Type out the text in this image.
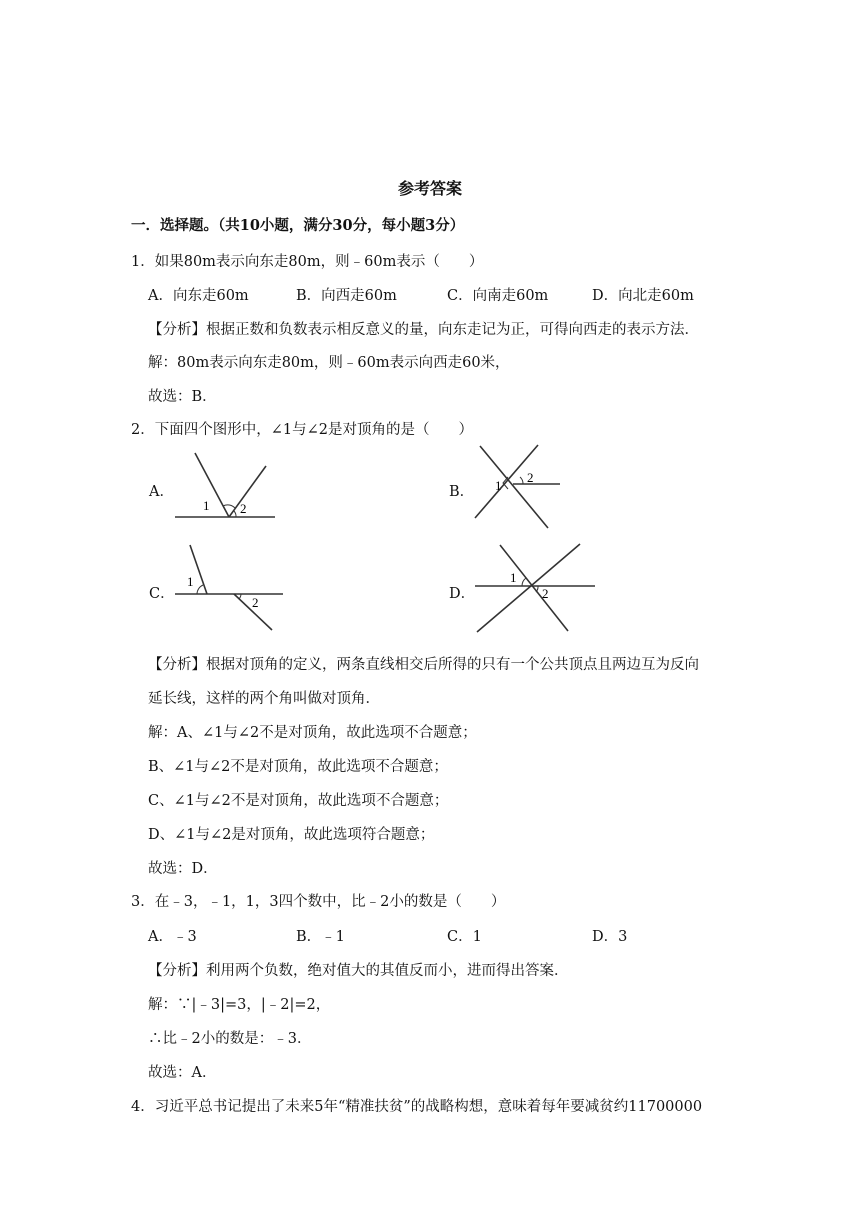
参考答案
一．选择题。（共10小题，满分30分，每小题3分）
1．如果80m表示向东走80m，则﹣60m表示（　　）
A．向东走60m	B．向西走60m	C．向南走60m	D．向北走60m
【分析】根据正数和负数表示相反意义的量，向东走记为正，可得向西走的表示方法．
解：80m表示向东走80m，则﹣60m表示向西走60米，
故选：B．
2．下面四个图形中，∠1与∠2是对顶角的是（　　）
A．
1 2
B． 1
2
C．
1
2
D．
1
2
【分析】根据对顶角的定义，两条直线相交后所得的只有一个公共顶点且两边互为反向
延长线，这样的两个角叫做对顶角．
解：A、∠1与∠2不是对顶角，故此选项不合题意；
B、∠1与∠2不是对顶角，故此选项不合题意；
C、∠1与∠2不是对顶角，故此选项不合题意；
D、∠1与∠2是对顶角，故此选项符合题意；
故选：D．
3．在﹣3，﹣1，1，3四个数中，比﹣2小的数是（　　）
A．﹣3	B．﹣1	C．1	D．3
【分析】利用两个负数，绝对值大的其值反而小，进而得出答案．
解：∵|﹣3|=3，|﹣2|=2，
∴比﹣2小的数是：﹣3．
故选：A．
4．习近平总书记提出了未来5年“精准扶贫”的战略构想，意味着每年要减贫约11700000
